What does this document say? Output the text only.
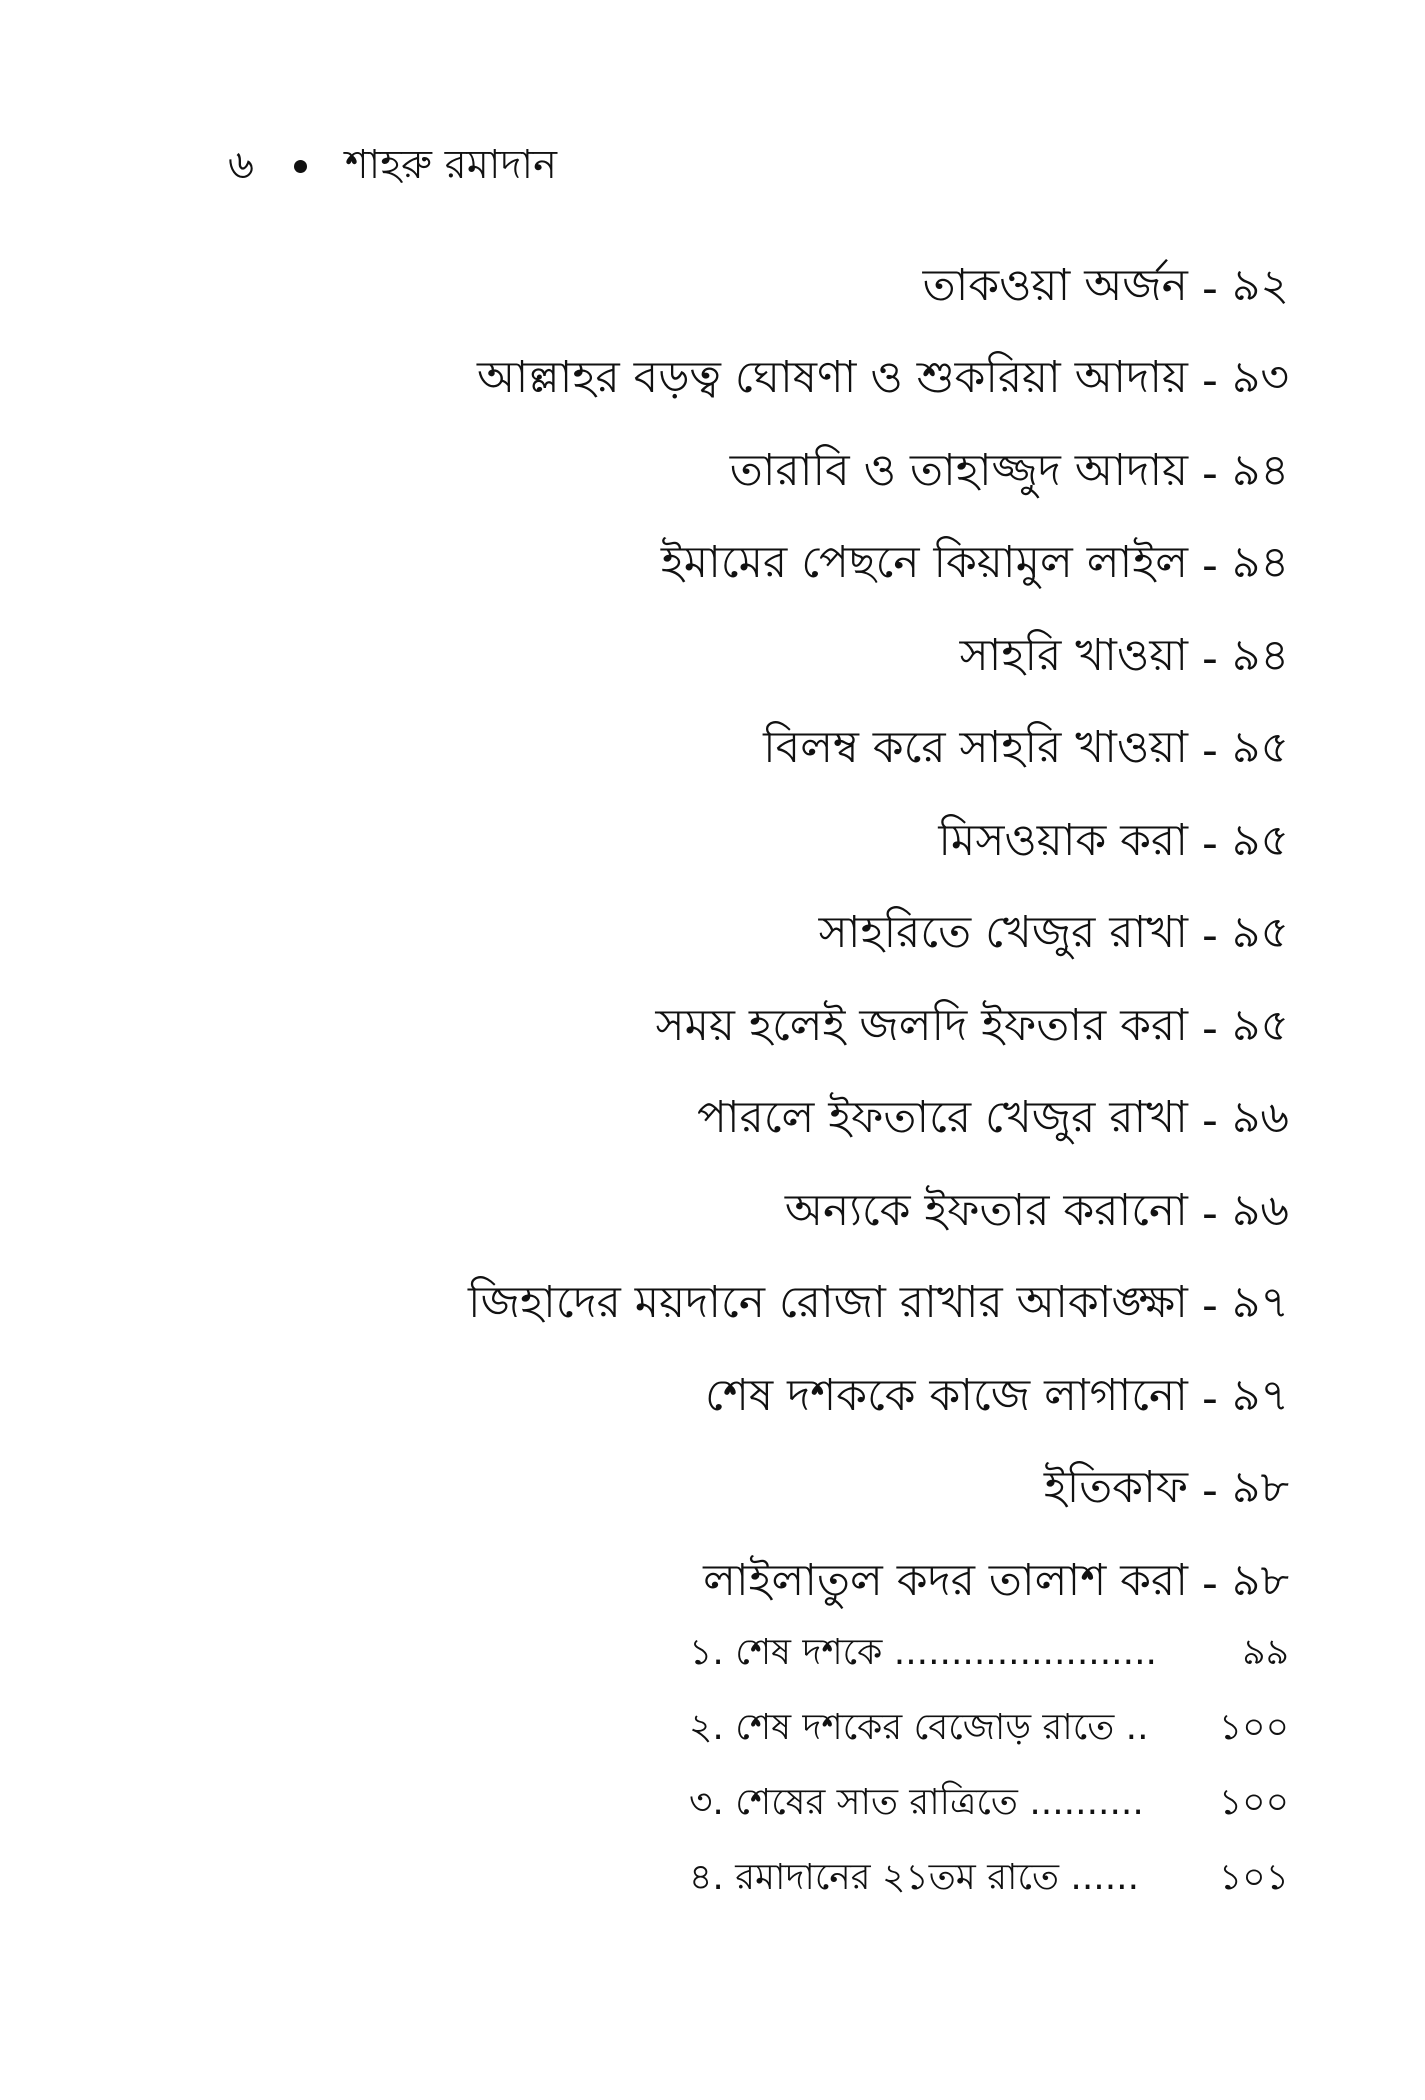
৬ শাহরু রমাদান
তাকওয়া অর্জন - ৯২
আল্লাহর বড়ত্ব ঘোষণা ও শুকরিয়া আদায় - ৯৩
তারাবি ও তাহাজ্জুদ আদায় - ৯৪
ইমামের পেছনে কিয়ামুল লাইল - ৯৪
সাহরি খাওয়া - ৯৪
বিলম্ব করে সাহরি খাওয়া - ৯৫
মিসওয়াক করা - ৯৫
সাহরিতে খেজুর রাখা - ৯৫
সময় হলেই জলদি ইফতার করা - ৯৫
পারলে ইফতারে খেজুর রাখা - ৯৬
অন্যকে ইফতার করানো - ৯৬
জিহাদের ময়দানে রোজা রাখার আকাঙ্ক্ষা - ৯৭
শেষ দশককে কাজে লাগানো - ৯৭
ইতিকাফ - ৯৮
লাইলাতুল কদর তালাশ করা - ৯৮
১. শেষ দশকে .......................	৯৯
২. শেষ দশকের বেজোড় রাতে ..	১০০
৩. শেষের সাত রাত্রিতে ..........	১০০
৪. রমাদানের ২১তম রাতে ......	১০১
